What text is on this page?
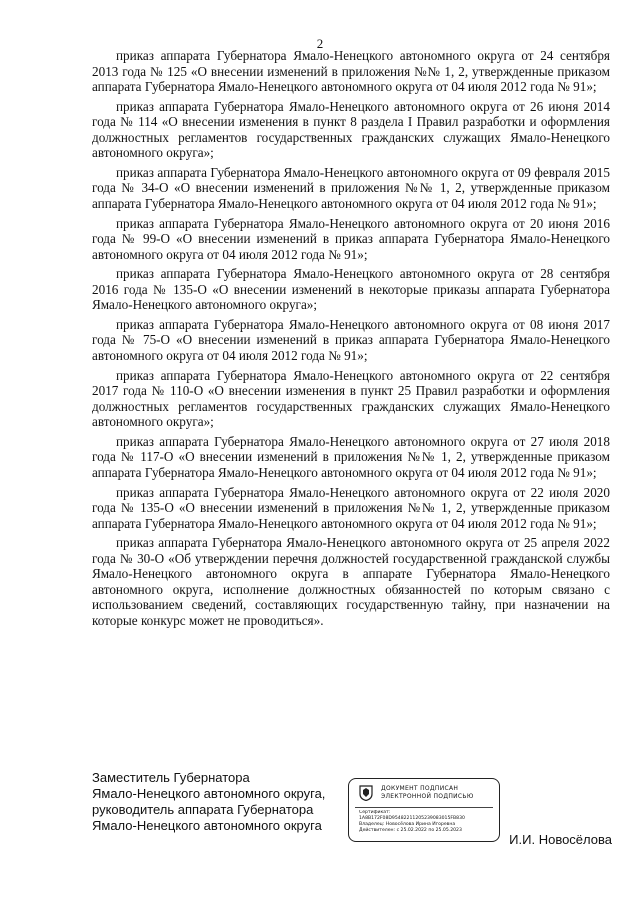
2

приказ аппарата Губернатора Ямало-Ненецкого автономного округа от 24 сентября 2013 года № 125 «О внесении изменений в приложения №№ 1, 2, утвержденные приказом аппарата Губернатора Ямало-Ненецкого автономного округа от 04 июля 2012 года № 91»;

приказ аппарата Губернатора Ямало-Ненецкого автономного округа от 26 июня 2014 года № 114 «О внесении изменения в пункт 8 раздела I Правил разработки и оформления должностных регламентов государственных гражданских служащих Ямало-Ненецкого автономного округа»;

приказ аппарата Губернатора Ямало-Ненецкого автономного округа от 09 февраля 2015 года № 34-О «О внесении изменений в приложения №№ 1, 2, утвержденные приказом аппарата Губернатора Ямало-Ненецкого автономного округа от 04 июля 2012 года № 91»;

приказ аппарата Губернатора Ямало-Ненецкого автономного округа от 20 июня 2016 года № 99-О «О внесении изменений в приказ аппарата Губернатора Ямало-Ненецкого автономного округа от 04 июля 2012 года № 91»;

приказ аппарата Губернатора Ямало-Ненецкого автономного округа от 28 сентября 2016 года № 135-О «О внесении изменений в некоторые приказы аппарата Губернатора Ямало-Ненецкого автономного округа»;

приказ аппарата Губернатора Ямало-Ненецкого автономного округа от 08 июня 2017 года № 75-О «О внесении изменений в приказ аппарата Губернатора Ямало-Ненецкого автономного округа от 04 июля 2012 года № 91»;

приказ аппарата Губернатора Ямало-Ненецкого автономного округа от 22 сентября 2017 года № 110-О «О внесении изменения в пункт 25 Правил разработки и оформления должностных регламентов государственных гражданских служащих Ямало-Ненецкого автономного округа»;

приказ аппарата Губернатора Ямало-Ненецкого автономного округа от 27 июля 2018 года № 117-О «О внесении изменений в приложения №№ 1, 2, утвержденные приказом аппарата Губернатора Ямало-Ненецкого автономного округа от 04 июля 2012 года № 91»;

приказ аппарата Губернатора Ямало-Ненецкого автономного округа от 22 июля 2020 года № 135-О «О внесении изменений в приложения №№ 1, 2, утвержденные приказом аппарата Губернатора Ямало-Ненецкого автономного округа от 04 июля 2012 года № 91»;

приказ аппарата Губернатора Ямало-Ненецкого автономного округа от 25 апреля 2022 года № 30-О «Об утверждении перечня должностей государственной гражданской службы Ямало-Ненецкого автономного округа в аппарате Губернатора Ямало-Ненецкого автономного округа, исполнение должностных обязанностей по которым связано с использованием сведений, составляющих государственную тайну, при назначении на которые конкурс может не проводиться».

Заместитель Губернатора
Ямало-Ненецкого автономного округа,
руководитель аппарата Губернатора
Ямало-Ненецкого автономного округа
ДОКУМЕНТ ПОДПИСАН
ЭЛЕКТРОННОЙ ПОДПИСЬЮ
Сертификат:
1A8B172F08D95482211205239083015FB830
Владелец: Новосёлова Ирина Игоревна
Действителен: с 25.02.2022 по 25.05.2023
И.И. Новосёлова
